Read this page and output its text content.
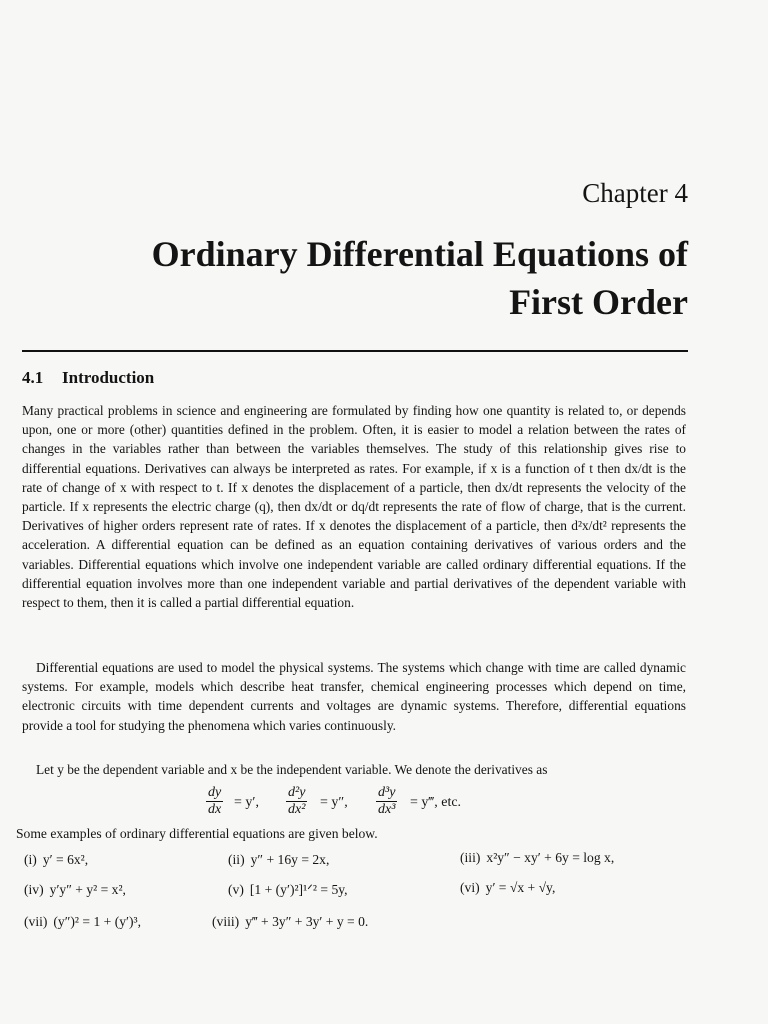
Chapter 4
Ordinary Differential Equations of
First Order
4.1 Introduction

Many practical problems in science and engineering are formulated by finding how one quantity is related to, or depends upon, one or more (other) quantities defined in the problem. Often, it is easier to model a relation between the rates of changes in the variables rather than between the variables themselves. The study of this relationship gives rise to differential equations. Derivatives can always be interpreted as rates. For example, if x is a function of t then dx/dt is the rate of change of x with respect to t. If x denotes the displacement of a particle, then dx/dt represents the velocity of the particle. If x represents the electric charge (q), then dx/dt or dq/dt represents the rate of flow of charge, that is the current. Derivatives of higher orders represent rate of rates. If x denotes the displacement of a particle, then d²x/dt² represents the acceleration. A differential equation can be defined as an equation containing derivatives of various orders and the variables. Differential equations which involve one independent variable are called ordinary differential equations. If the differential equation involves more than one independent variable and partial derivatives of the dependent variable with respect to them, then it is called a partial differential equation.

Differential equations are used to model the physical systems. The systems which change with time are called dynamic systems. For example, models which describe heat transfer, chemical engineering processes which depend on time, electronic circuits with time dependent currents and voltages are dynamic systems. Therefore, differential equations provide a tool for studying the phenomena which varies continuously.

Let y be the dependent variable and x be the independent variable. We denote the derivatives as

$\frac{dy}{dx} = y'$, $\frac{\text{d²y}}{\text{dx²}} = y''$, $\frac{\text{d³y}}{\text{dx³}}$ = y‴, etc.
Some examples of ordinary differential equations are given below.
(i) y′ = 6x²,	(ii) y″ + 16y = 2x,	(iii) x²y″ − xy′ + 6y = log x,
(iv) y′y″ + y² = x²,	(v) [1 + (y′)²]¹ᐟ² = 5y,	(vi) y′ = √x + √y,
(vii) (y″)² = 1 + (y′)³,	(viii) y‴ + 3y″ + 3y′ + y = 0.
